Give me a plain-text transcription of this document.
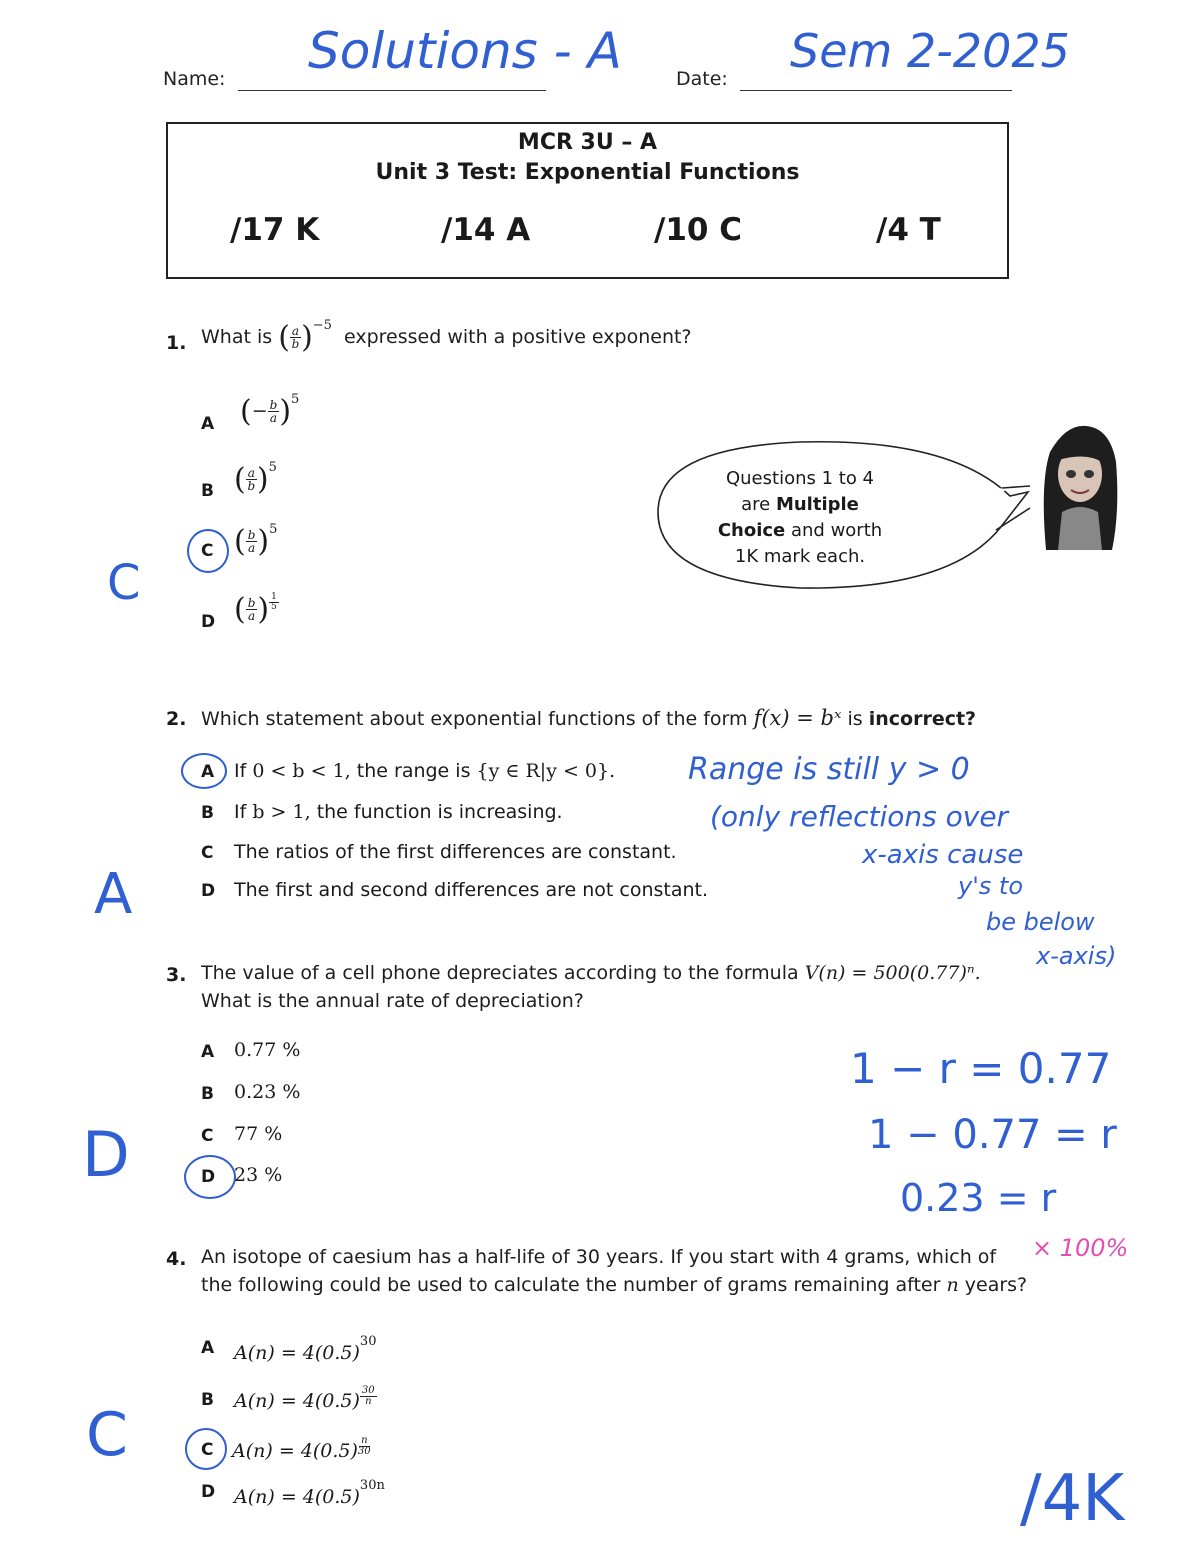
Name: Solutions - A	Date:
Sem 2-2025
MCR 3U – A
Unit 3 Test: Exponential Functions
/17 K	/14 A	/10 C	/4 T
1. What is ( $\frac{a}{b} )^{-5}$ expressed with a positive exponent?
A (− $\frac{b}{a} )^5$
B ( $\frac{a}{b} )^5$
C ( $\frac{b}{a} )^5$
D ( $\frac{b}{a}$ ) $\frac{1}{5}$
C
Questions 1 to 4
are Multiple
Choice and worth
1K mark each.
2. Which statement about exponential functions of the form f(x) = bˣ is incorrect?
A If 0 < b < 1, the range is {y ∈ R|y < 0}.
B If b > 1, the function is increasing.
C The ratios of the first differences are constant.
D The first and second differences are not constant.
A
Range is still y > 0
(only reflections over
x-axis cause
y's to
be below
x-axis)
3. The value of a cell phone depreciates according to the formula V(n) = 500(0.77)ⁿ.
What is the annual rate of depreciation?
A 0.77 %
B 0.23 %
C 77 %
D 23 %
D
1 − r = 0.77
1 − 0.77 = r
0.23 = r
× 100%
4. An isotope of caesium has a half-life of 30 years. If you start with 4 grams, which of
the following could be used to calculate the number of grams remaining after n years?
A $A(n) = 4(0.5)^{30}$
B $A(n) = 4(0.5) \frac{30}{n}$
C $A(n) = 4(0.5) \frac{n}{30}$
D $A(n) = 4(0.5)^{30n}$
C
/4K
